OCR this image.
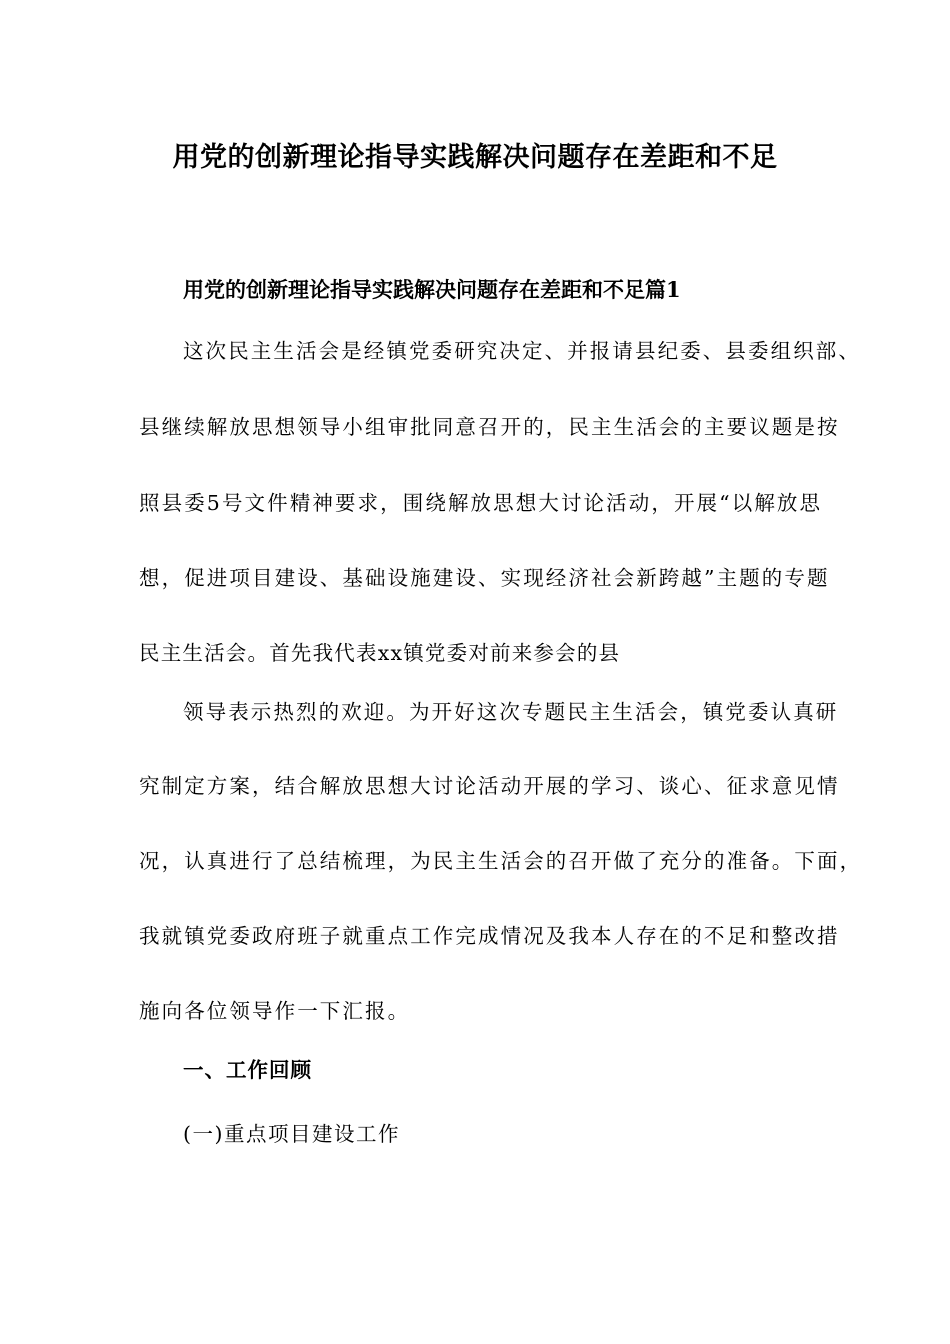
用党的创新理论指导实践解决问题存在差距和不足
用党的创新理论指导实践解决问题存在差距和不足篇1

这次民主生活会是经镇党委研究决定、并报请县纪委、县委组织部、

县继续解放思想领导小组审批同意召开的，民主生活会的主要议题是按

照县委5号文件精神要求，围绕解放思想大讨论活动，开展“以解放思

想，促进项目建设、基础设施建设、实现经济社会新跨越”主题的专题

民主生活会。首先我代表xx镇党委对前来参会的县

领导表示热烈的欢迎。为开好这次专题民主生活会，镇党委认真研

究制定方案，结合解放思想大讨论活动开展的学习、谈心、征求意见情

况，认真进行了总结梳理，为民主生活会的召开做了充分的准备。下面，

我就镇党委政府班子就重点工作完成情况及我本人存在的不足和整改措

施向各位领导作一下汇报。

一、工作回顾

(一)重点项目建设工作
